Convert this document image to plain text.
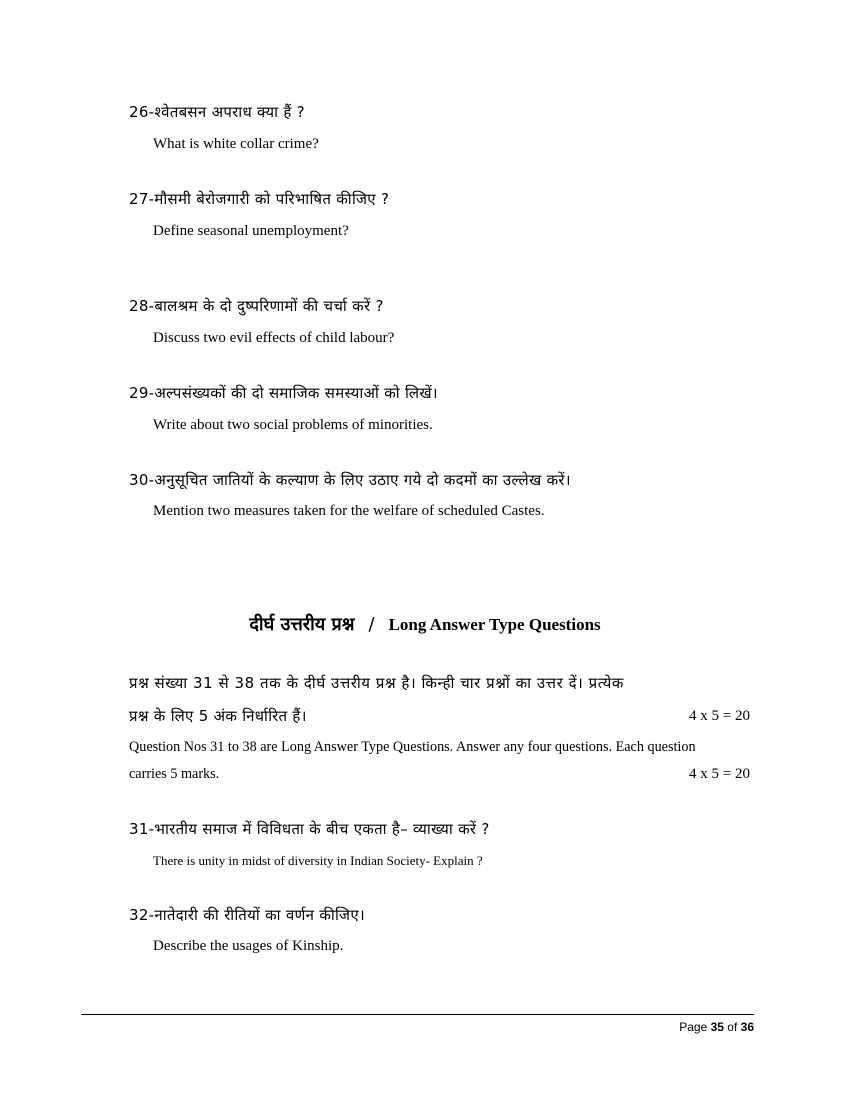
26-श्वेतबसन अपराध क्या हैं ?
What is white collar crime?
27-मौसमी बेरोजगारी को परिभाषित कीजिए ?
Define seasonal unemployment?
28-बालश्रम के दो दुष्परिणामों की चर्चा करें ?
Discuss two evil effects of child labour?
29-अल्पसंख्यकों की दो समाजिक समस्याओं को लिखें।
Write about two social problems of minorities.
30-अनुसूचित जातियों के कल्याण के लिए उठाए गये दो कदमों का उल्लेख करें।
Mention two measures taken for the welfare of scheduled Castes.
दीर्घ उत्तरीय प्रश्न / Long Answer Type Questions
प्रश्न संख्या 31 से 38 तक के दीर्घ उत्तरीय प्रश्न है। किन्ही चार प्रश्नों का उत्तर दें। प्रत्येक
प्रश्न के लिए 5 अंक निर्धारित हैं।	4 x 5 = 20
Question Nos 31 to 38 are Long Answer Type Questions. Answer any four questions. Each question
carries 5 marks.	4 x 5 = 20
31-भारतीय समाज में विविधता के बीच एकता है– व्याख्या करें ?
There is unity in midst of diversity in Indian Society- Explain ?
32-नातेदारी की रीतियों का वर्णन कीजिए।
Describe the usages of Kinship.
Page 35 of 36
